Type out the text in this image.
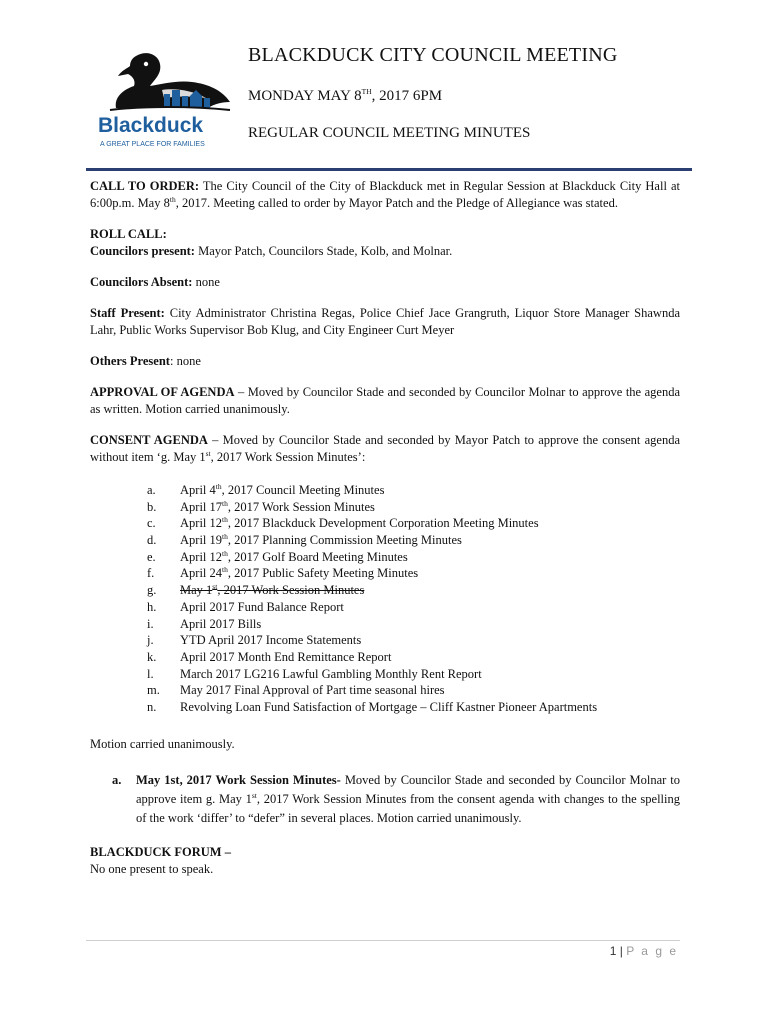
Blackduck
A GREAT PLACE FOR FAMILIES
BLACKDUCK CITY COUNCIL MEETING
MONDAY MAY 8TH, 2017 6PM
REGULAR COUNCIL MEETING MINUTES

CALL TO ORDER: The City Council of the City of Blackduck met in Regular Session at Blackduck City Hall at 6:00p.m. May 8th, 2017. Meeting called to order by Mayor Patch and the Pledge of Allegiance was stated.

ROLL CALL:
Councilors present: Mayor Patch, Councilors Stade, Kolb, and Molnar.

Councilors Absent: none

Staff Present: City Administrator Christina Regas, Police Chief Jace Grangruth, Liquor Store Manager Shawnda Lahr, Public Works Supervisor Bob Klug, and City Engineer Curt Meyer

Others Present: none

APPROVAL OF AGENDA – Moved by Councilor Stade and seconded by Councilor Molnar to approve the agenda as written. Motion carried unanimously.

CONSENT AGENDA – Moved by Councilor Stade and seconded by Mayor Patch to approve the consent agenda without item ‘g. May 1st, 2017 Work Session Minutes’:

a. April 4th, 2017 Council Meeting Minutes
b. April 17th, 2017 Work Session Minutes
c. April 12th, 2017 Blackduck Development Corporation Meeting Minutes
d. April 19th, 2017 Planning Commission Meeting Minutes
e. April 12th, 2017 Golf Board Meeting Minutes
f. April 24th, 2017 Public Safety Meeting Minutes
g. May 1st, 2017 Work Session Minutes
h. April 2017 Fund Balance Report
i. April 2017 Bills
j. YTD April 2017 Income Statements
k. April 2017 Month End Remittance Report
l. March 2017 LG216 Lawful Gambling Monthly Rent Report
m. May 2017 Final Approval of Part time seasonal hires
n. Revolving Loan Fund Satisfaction of Mortgage – Cliff Kastner Pioneer Apartments

Motion carried unanimously.

a. May 1st, 2017 Work Session Minutes- Moved by Councilor Stade and seconded by Councilor Molnar to approve item g. May 1st, 2017 Work Session Minutes from the consent agenda with changes to the spelling of the work ‘differ’ to “defer” in several places. Motion carried unanimously.

BLACKDUCK FORUM –
No one present to speak.

1 | P a g e
